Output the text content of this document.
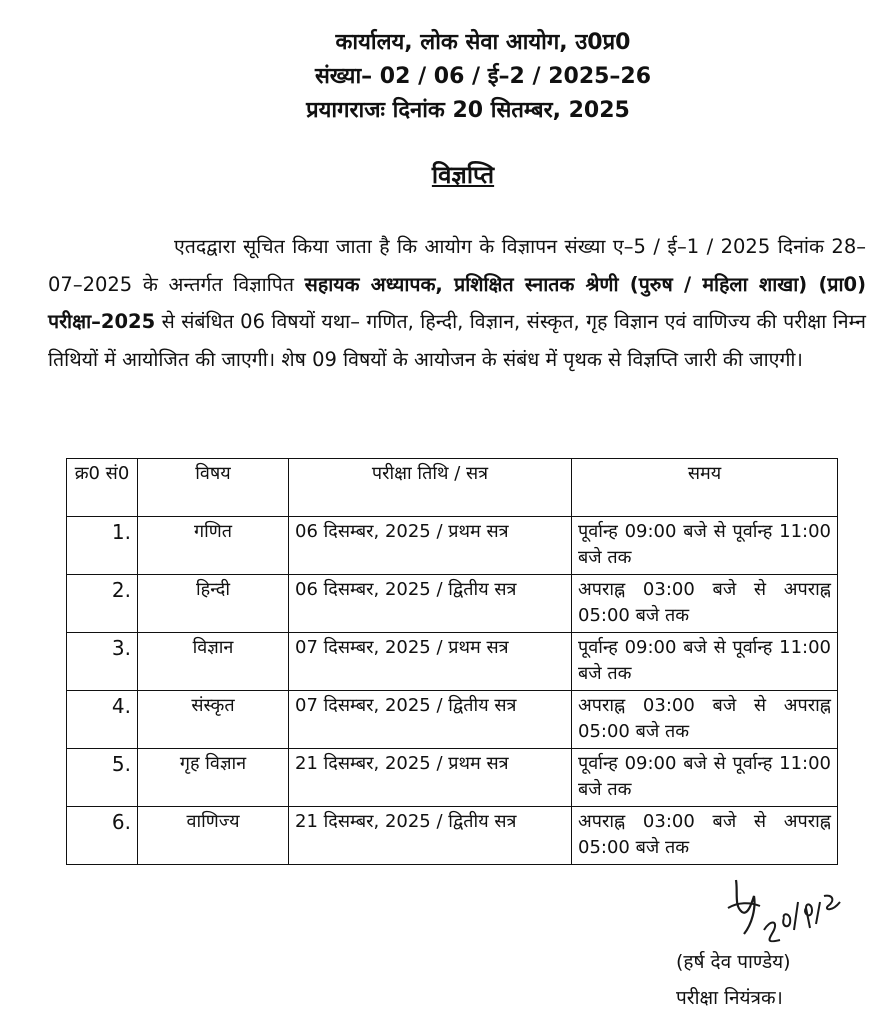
कार्यालय, लोक सेवा आयोग, उ0प्र0
संख्या– 02 / 06 / ई–2 / 2025–26
प्रयागराजः दिनांक 20 सितम्बर, 2025
विज्ञप्ति
एतदद्वारा सूचित किया जाता है कि आयोग के विज्ञापन संख्या ए–5 / ई–1 / 2025 दिनांक 28–07–2025 के अन्तर्गत विज्ञापित सहायक अध्यापक, प्रशिक्षित स्नातक श्रेणी (पुरुष / महिला शाखा) (प्रा0) परीक्षा–2025 से संबंधित 06 विषयों यथा– गणित, हिन्दी, विज्ञान, संस्कृत, गृह विज्ञान एवं वाणिज्य की परीक्षा निम्न तिथियों में आयोजित की जाएगी। शेष 09 विषयों के आयोजन के संबंध में पृथक से विज्ञप्ति जारी की जाएगी।
क्र0 सं0	विषय	परीक्षा तिथि / सत्र	समय
1.	गणित	06 दिसम्बर, 2025 / प्रथम सत्र	पूर्वान्ह 09:00 बजे से पूर्वान्ह 11:00 बजे तक
2.	हिन्दी	06 दिसम्बर, 2025 / द्वितीय सत्र	अपराह्न 03:00 बजे से अपराह्न 05:00 बजे तक
3.	विज्ञान	07 दिसम्बर, 2025 / प्रथम सत्र	पूर्वान्ह 09:00 बजे से पूर्वान्ह 11:00 बजे तक
4.	संस्कृत	07 दिसम्बर, 2025 / द्वितीय सत्र	अपराह्न 03:00 बजे से अपराह्न 05:00 बजे तक
5.	गृह विज्ञान	21 दिसम्बर, 2025 / प्रथम सत्र	पूर्वान्ह 09:00 बजे से पूर्वान्ह 11:00 बजे तक
6.	वाणिज्य	21 दिसम्बर, 2025 / द्वितीय सत्र	अपराह्न 03:00 बजे से अपराह्न 05:00 बजे तक
(हर्ष देव पाण्डेय)
परीक्षा नियंत्रक।
